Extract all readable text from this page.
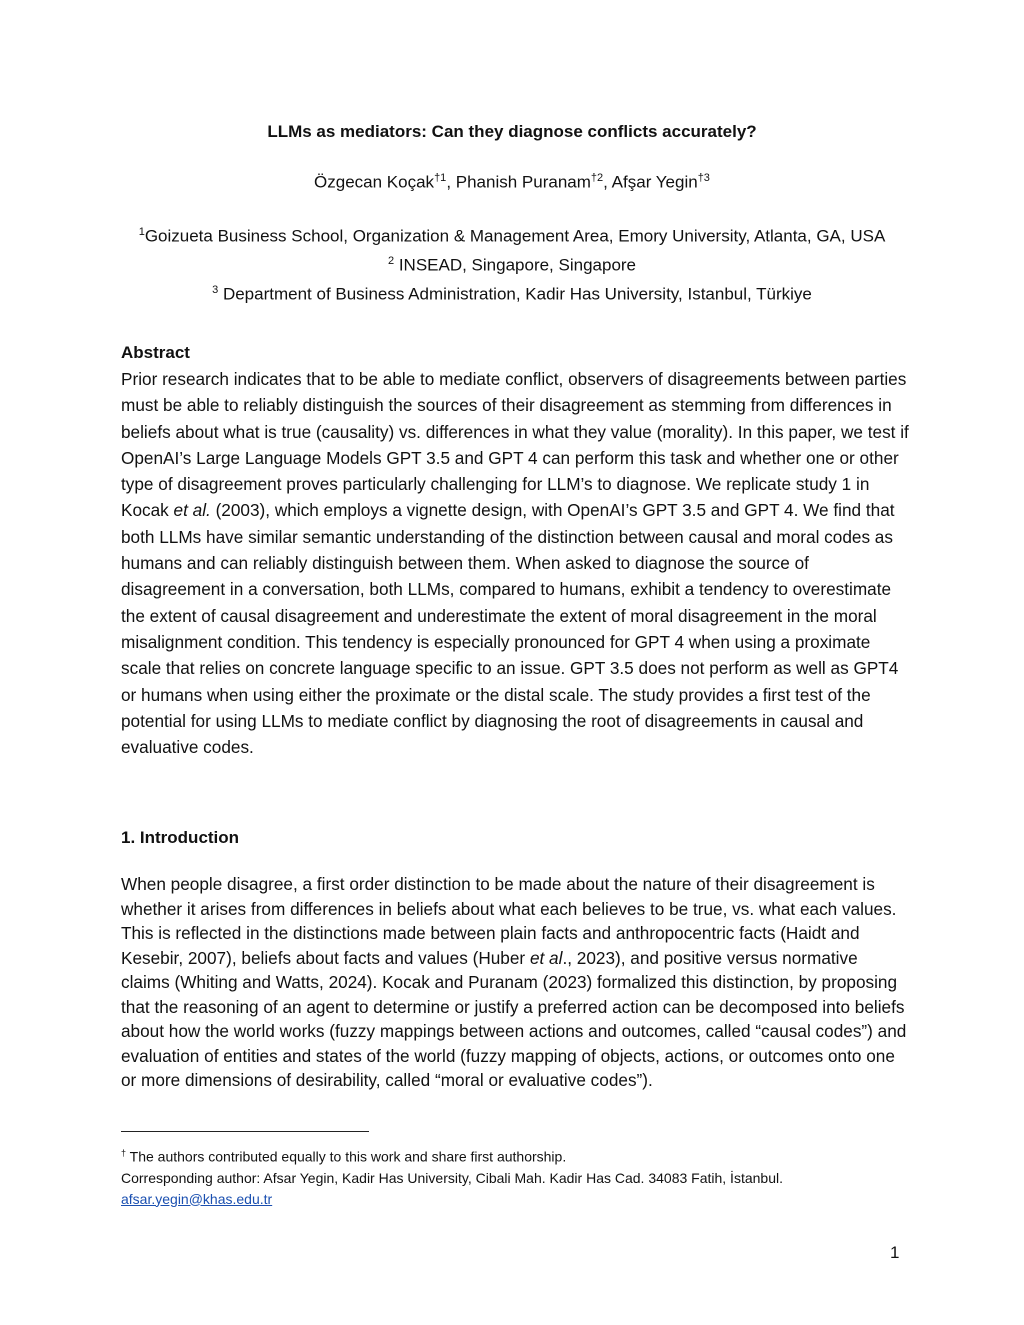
LLMs as mediators: Can they diagnose conflicts accurately?
Özgecan Koçak$^{\dagger 1}$, Phanish Puranam$^{\dagger 2}$, Afşar Yegin$^{\dagger 3}$
$^1$Goizueta Business School, Organization & Management Area, Emory University, Atlanta, GA, USA
$^2$ INSEAD, Singapore, Singapore
$^3$ Department of Business Administration, Kadir Has University, Istanbul, Türkiye
Abstract
Prior research indicates that to be able to mediate conflict, observers of disagreements between parties must be able to reliably distinguish the sources of their disagreement as stemming from differences in beliefs about what is true (causality) vs. differences in what they value (morality). In this paper, we test if OpenAI’s Large Language Models GPT 3.5 and GPT 4 can perform this task and whether one or other type of disagreement proves particularly challenging for LLM’s to diagnose. We replicate study 1 in Kocak et al. (2003), which employs a vignette design, with OpenAI’s GPT 3.5 and GPT 4. We find that both LLMs have similar semantic understanding of the distinction between causal and moral codes as humans and can reliably distinguish between them. When asked to diagnose the source of disagreement in a conversation, both LLMs, compared to humans, exhibit a tendency to overestimate the extent of causal disagreement and underestimate the extent of moral disagreement in the moral misalignment condition. This tendency is especially pronounced for GPT 4 when using a proximate scale that relies on concrete language specific to an issue. GPT 3.5 does not perform as well as GPT4 or humans when using either the proximate or the distal scale. The study provides a first test of the potential for using LLMs to mediate conflict by diagnosing the root of disagreements in causal and evaluative codes.
1. Introduction
When people disagree, a first order distinction to be made about the nature of their disagreement is whether it arises from differences in beliefs about what each believes to be true, vs. what each values. This is reflected in the distinctions made between plain facts and anthropocentric facts (Haidt and Kesebir, 2007), beliefs about facts and values (Huber et al., 2023), and positive versus normative claims (Whiting and Watts, 2024). Kocak and Puranam (2023) formalized this distinction, by proposing that the reasoning of an agent to determine or justify a preferred action can be decomposed into beliefs about how the world works (fuzzy mappings between actions and outcomes, called “causal codes”) and evaluation of entities and states of the world (fuzzy mapping of objects, actions, or outcomes onto one or more dimensions of desirability, called “moral or evaluative codes”).
† The authors contributed equally to this work and share first authorship.
Corresponding author: Afsar Yegin, Kadir Has University, Cibali Mah. Kadir Has Cad. 34083 Fatih, İstanbul.
afsar.yegin@khas.edu.tr
1
